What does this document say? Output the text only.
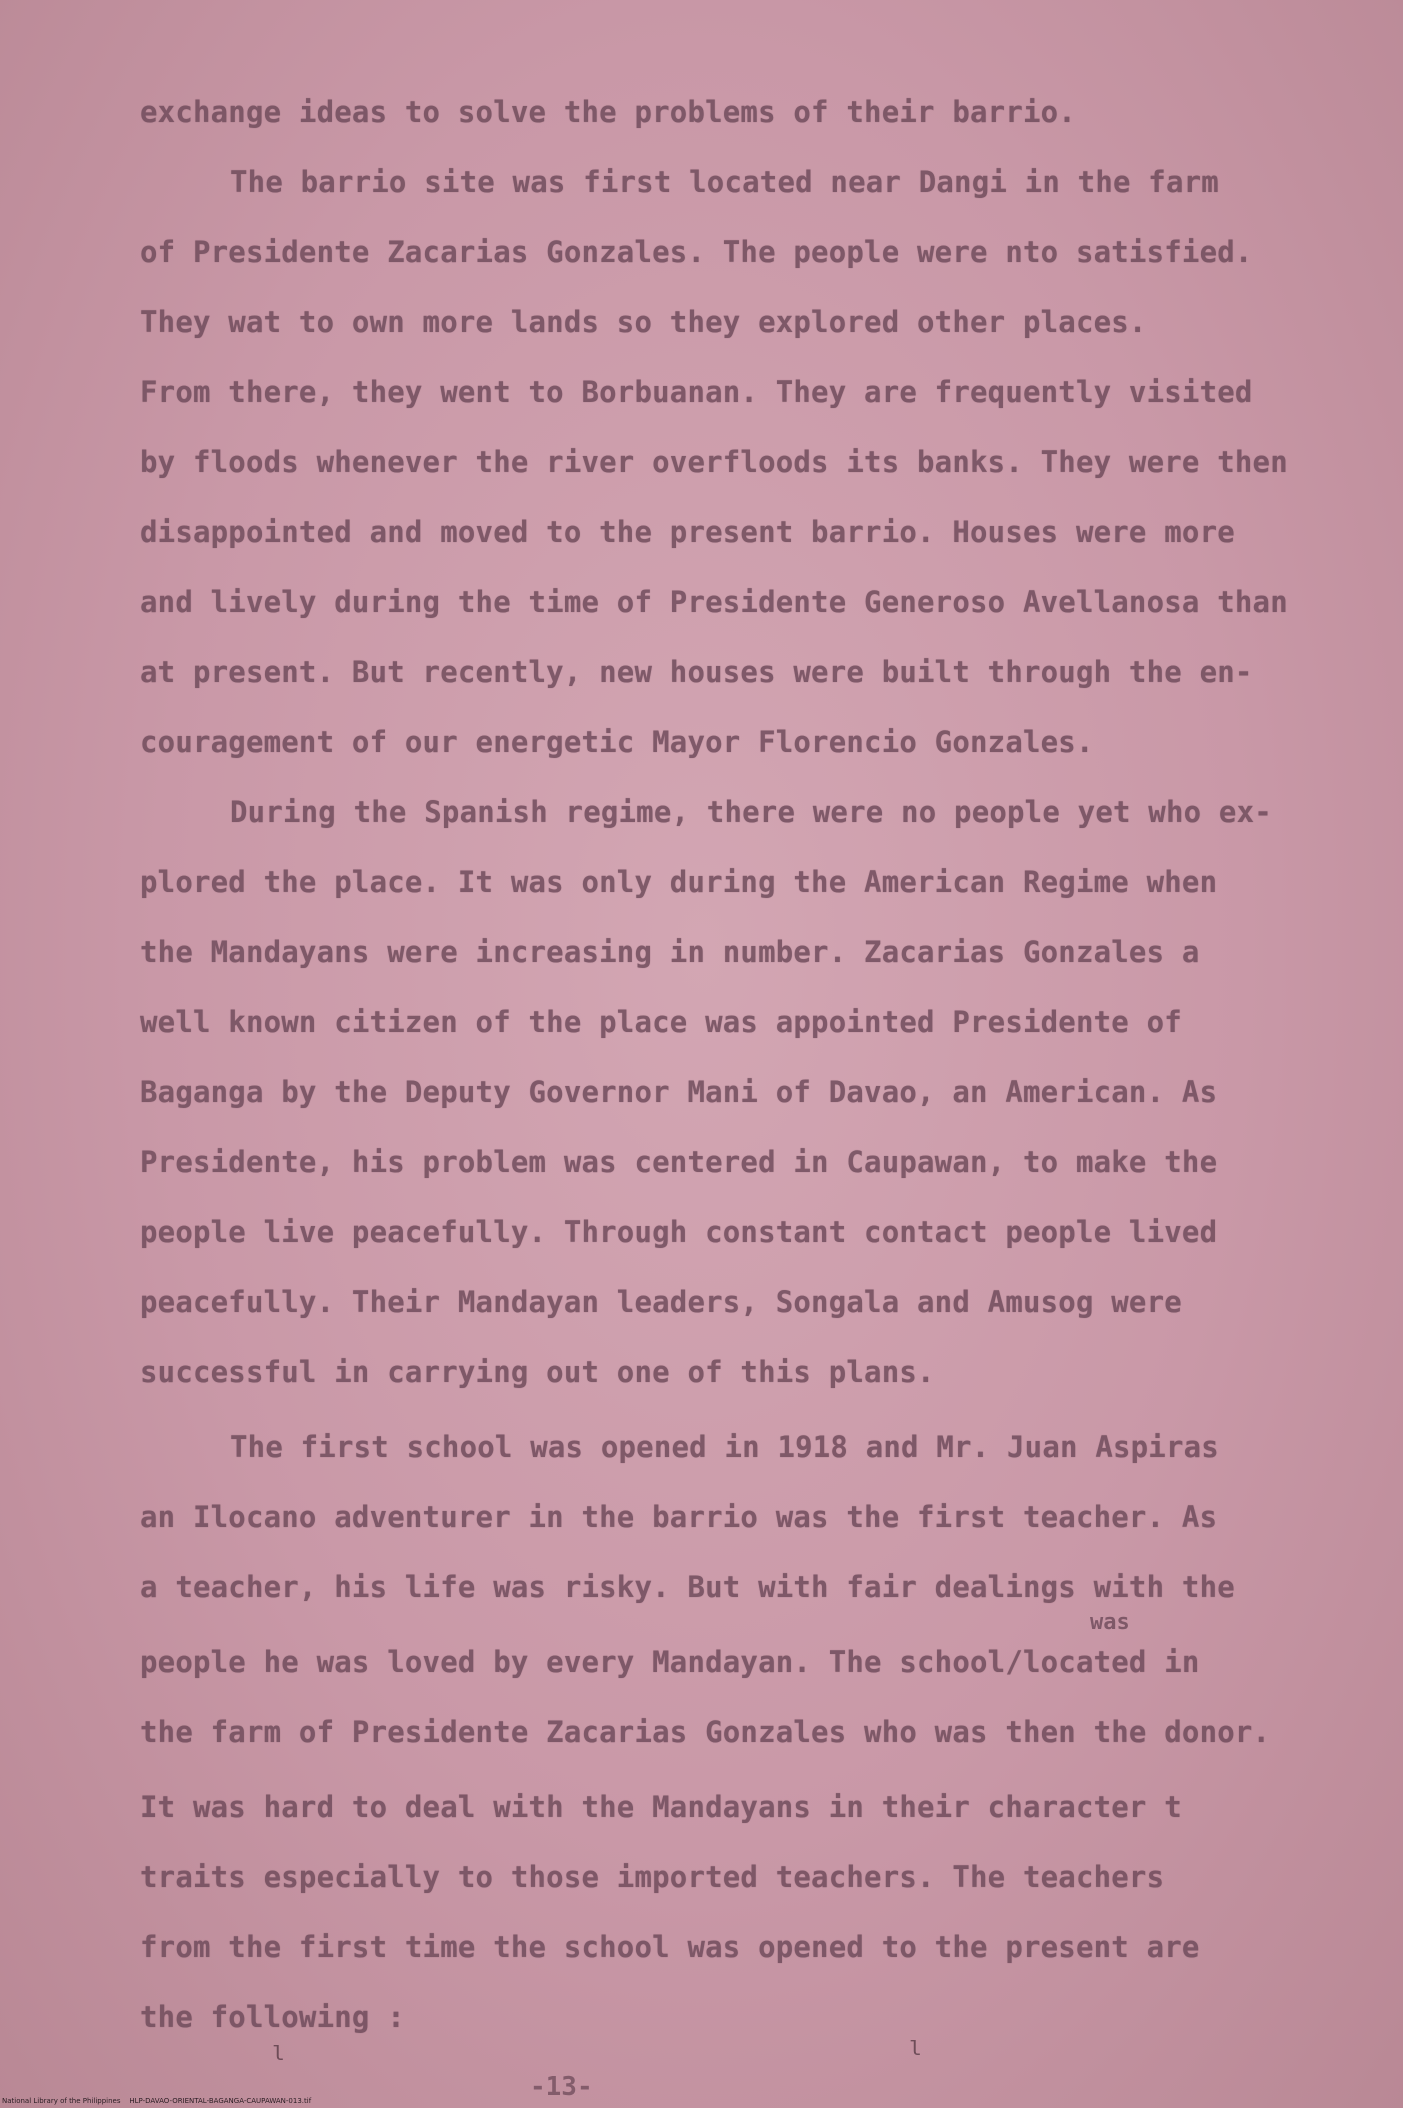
exchange ideas to solve the problems of their barrio.
The barrio site was first located near Dangi in the farm
of Presidente Zacarias Gonzales. The people were nto satisfied.
They wat to own more lands so they explored other places.
From there, they went to Borbuanan. They are frequently visited
by floods whenever the river overfloods its banks. They were then
disappointed and moved to the present barrio. Houses were more
and lively during the time of Presidente Generoso Avellanosa than
at present. But recently, new houses were built through the en-
couragement of our energetic Mayor Florencio Gonzales.
During the Spanish regime, there were no people yet who ex-
plored the place. It was only during the American Regime when
the Mandayans were increasing in number. Zacarias Gonzales a
well known citizen of the place was appointed Presidente of
Baganga by the Deputy Governor Mani of Davao, an American. As
Presidente, his problem was centered in Caupawan, to make the
people live peacefully. Through constant contact people lived
peacefully. Their Mandayan leaders, Songala and Amusog were
successful in carrying out one of this plans.
The first school was opened in 1918 and Mr. Juan Aspiras
an Ilocano adventurer in the barrio was the first teacher. As
a teacher, his life was risky. But with fair dealings with the
was
people he was loved by every Mandayan. The school/located in
the farm of Presidente Zacarias Gonzales who was then the donor.
It was hard to deal with the Mandayans in their character t
traits especially to those imported teachers. The teachers
from the first time the school was opened to the present are
the following :
ˡ	ˡ
-13-
National Library of the Philippines    HLP-DAVAO-ORIENTAL-BAGANGA-CAUPAWAN-013.tif
